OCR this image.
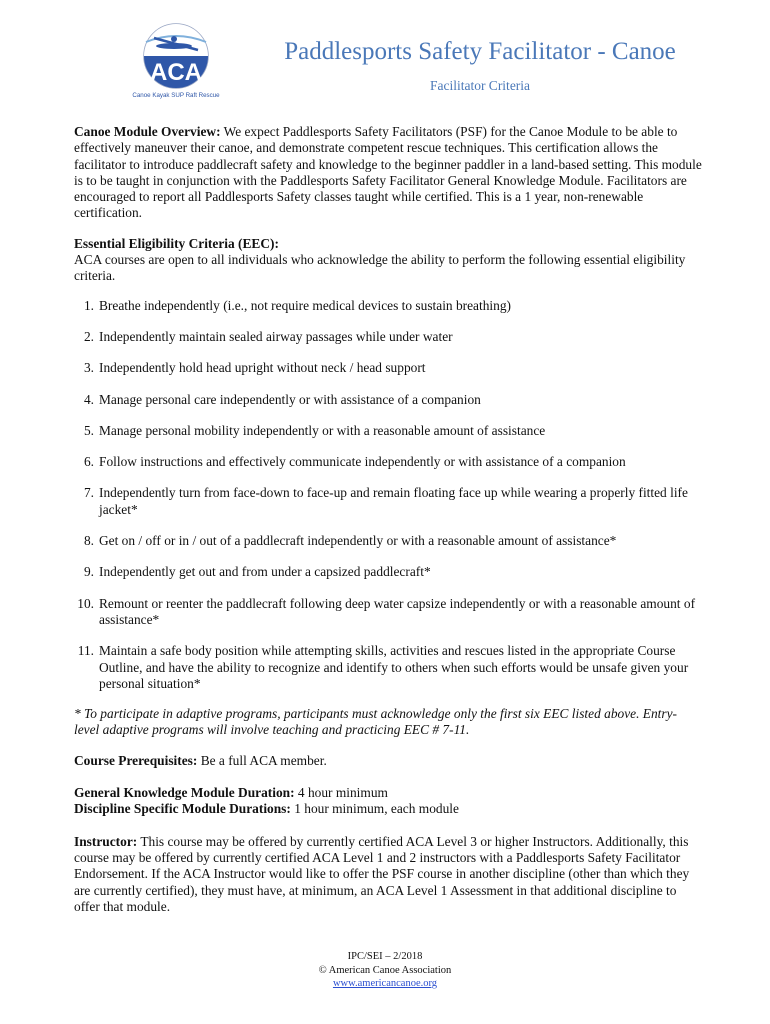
ACA
Canoe Kayak SUP Raft Rescue
Paddlesports Safety Facilitator - Canoe

Facilitator Criteria

Canoe Module Overview: We expect Paddlesports Safety Facilitators (PSF) for the Canoe Module to be able to effectively maneuver their canoe, and demonstrate competent rescue techniques. This certification allows the facilitator to introduce paddlecraft safety and knowledge to the beginner paddler in a land-based setting. This module is to be taught in conjunction with the Paddlesports Safety Facilitator General Knowledge Module. Facilitators are encouraged to report all Paddlesports Safety classes taught while certified. This is a 1 year, non-renewable certification.

Essential Eligibility Criteria (EEC):

ACA courses are open to all individuals who acknowledge the ability to perform the following essential eligibility criteria.

1. Breathe independently (i.e., not require medical devices to sustain breathing)
2. Independently maintain sealed airway passages while under water
3. Independently hold head upright without neck / head support
4. Manage personal care independently or with assistance of a companion
5. Manage personal mobility independently or with a reasonable amount of assistance
6. Follow instructions and effectively communicate independently or with assistance of a companion
7. Independently turn from face-down to face-up and remain floating face up while wearing a properly fitted life jacket*
8. Get on / off or in / out of a paddlecraft independently or with a reasonable amount of assistance*
9. Independently get out and from under a capsized paddlecraft*
10. Remount or reenter the paddlecraft following deep water capsize independently or with a reasonable amount of assistance*
11. Maintain a safe body position while attempting skills, activities and rescues listed in the appropriate Course Outline, and have the ability to recognize and identify to others when such efforts would be unsafe given your personal situation*

* To participate in adaptive programs, participants must acknowledge only the first six EEC listed above. Entry-level adaptive programs will involve teaching and practicing EEC # 7-11.

Course Prerequisites: Be a full ACA member.

General Knowledge Module Duration: 4 hour minimum

Discipline Specific Module Durations: 1 hour minimum, each module

Instructor: This course may be offered by currently certified ACA Level 3 or higher Instructors. Additionally, this course may be offered by currently certified ACA Level 1 and 2 instructors with a Paddlesports Safety Facilitator Endorsement. If the ACA Instructor would like to offer the PSF course in another discipline (other than which they are currently certified), they must have, at minimum, an ACA Level 1 Assessment in that additional discipline to offer that module.

IPC/SEI – 2/2018
© American Canoe Association
www.americancanoe.org
